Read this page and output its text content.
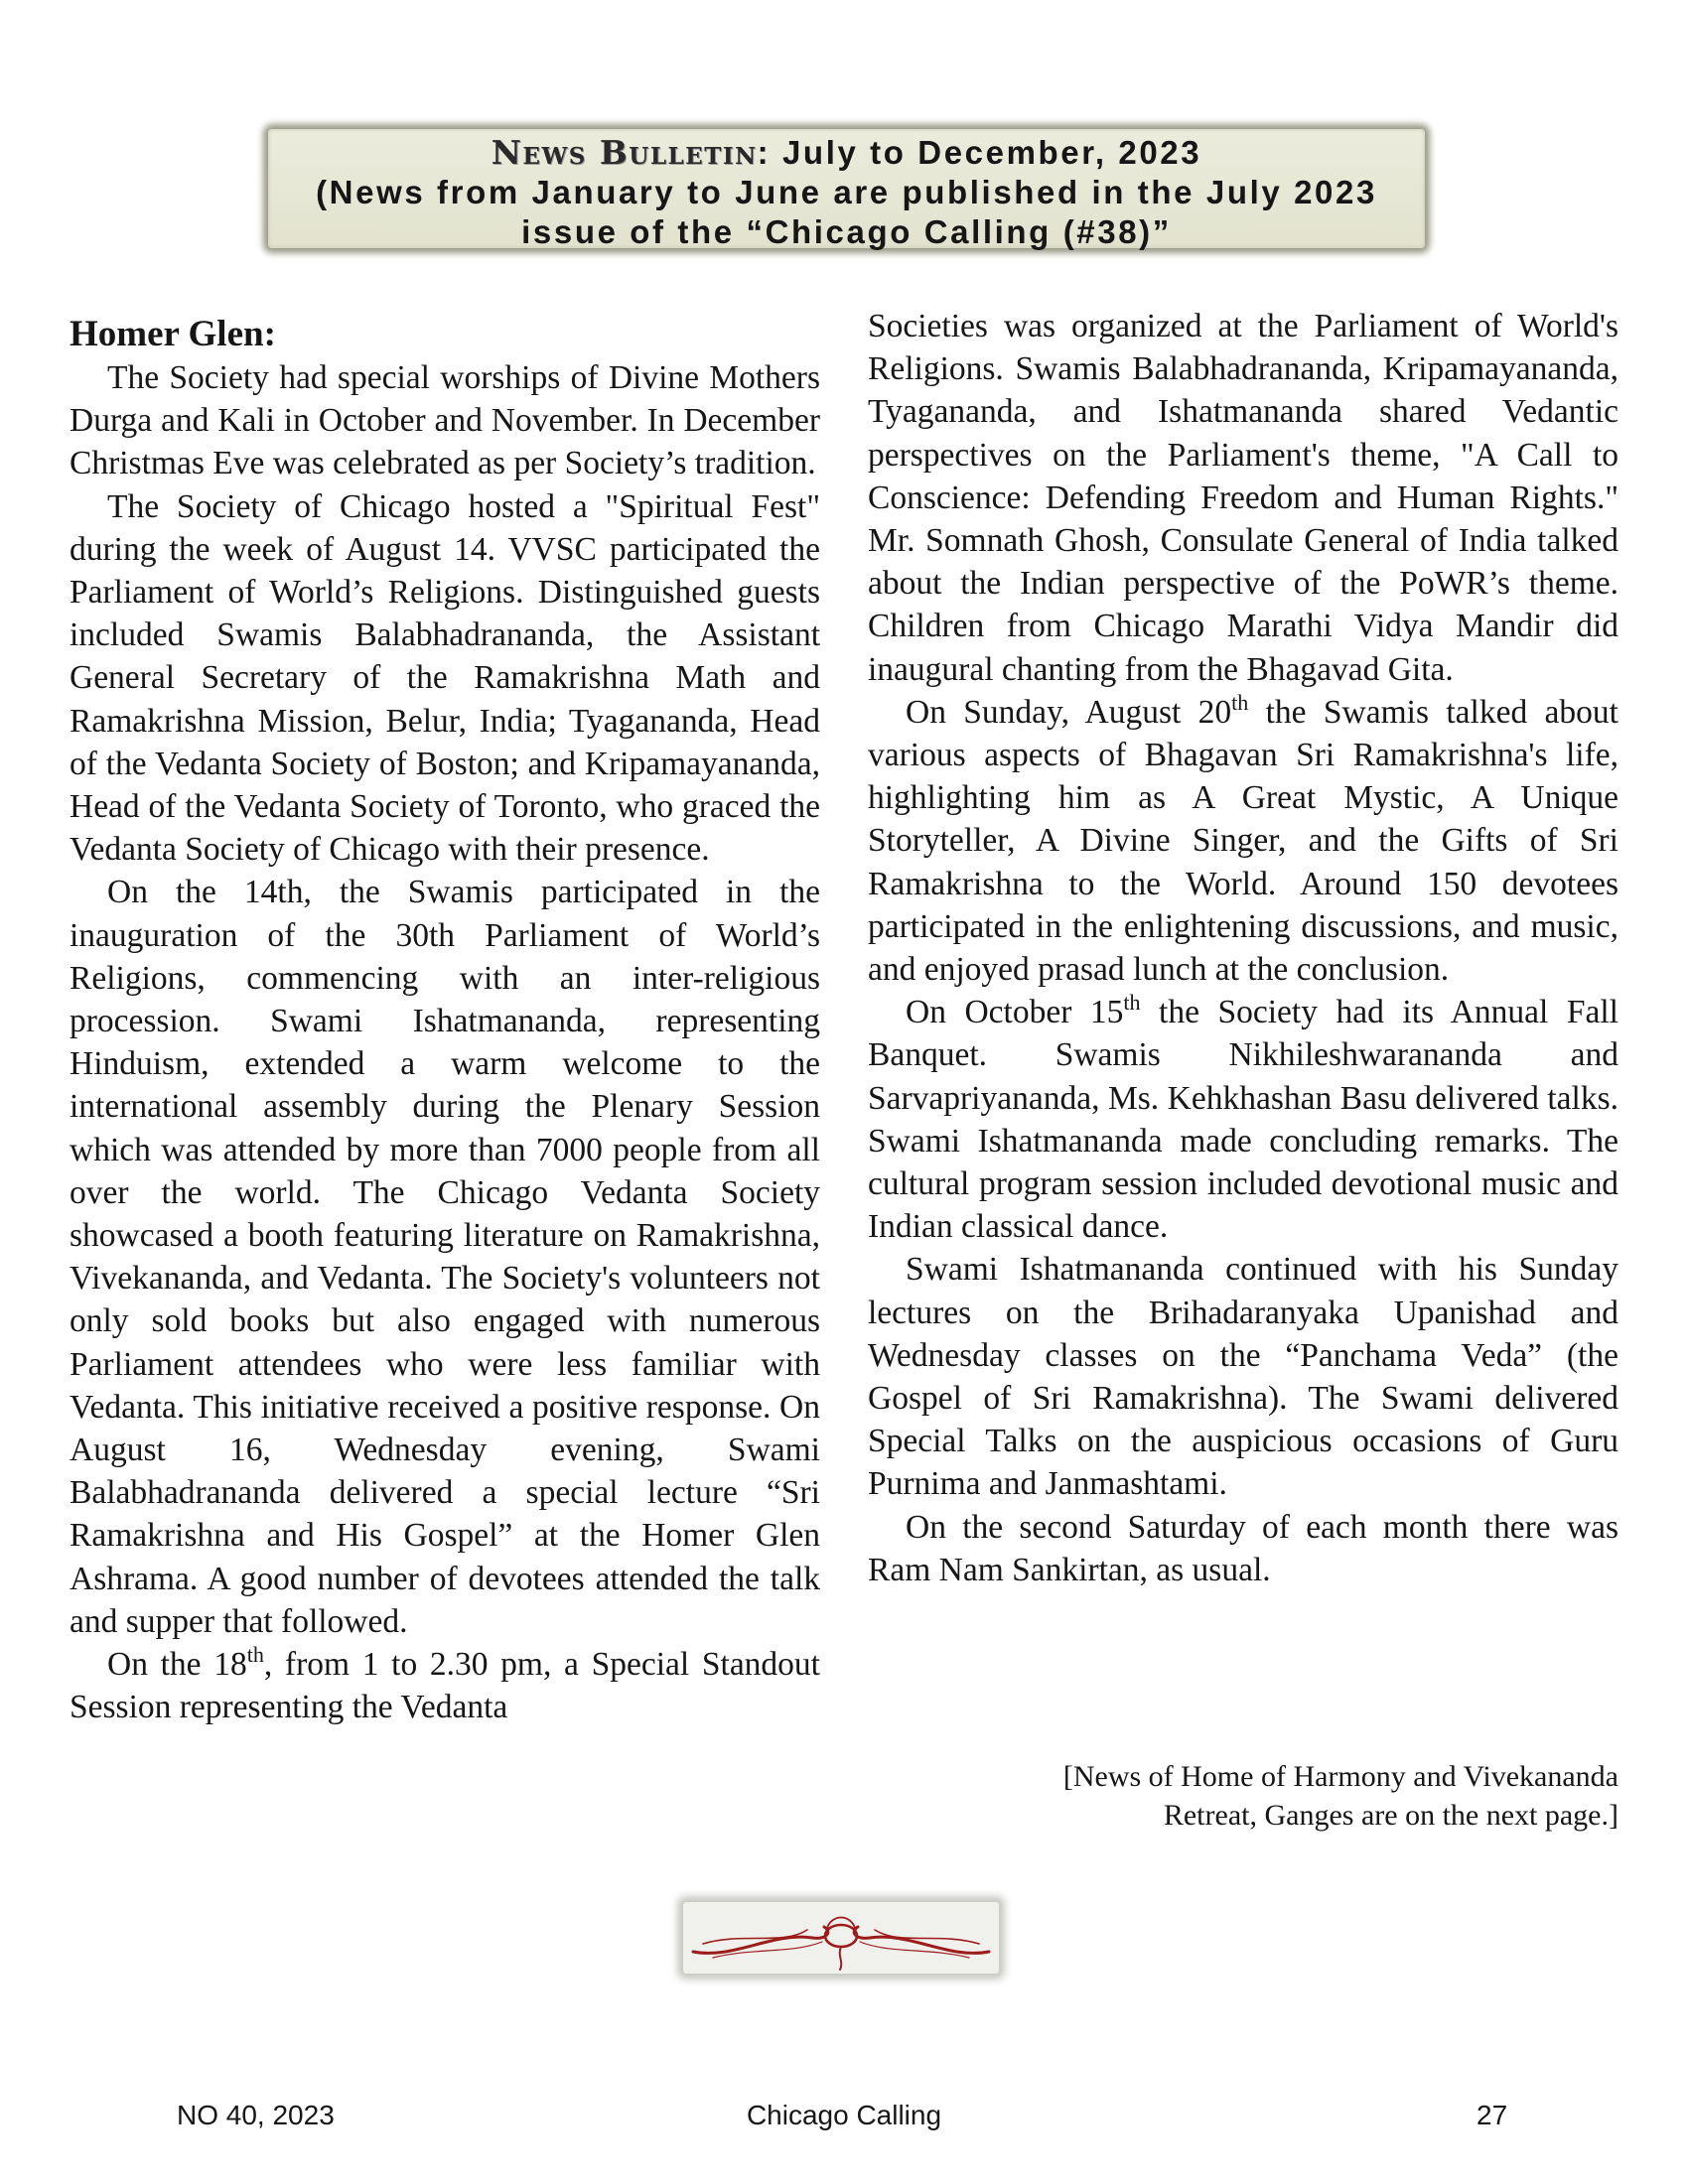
News Bulletin: July to December, 2023
(News from January to June are published in the July 2023
issue of the “Chicago Calling (#38)”
Homer Glen:

The Society had special worships of Divine Mothers Durga and Kali in October and November. In December Christmas Eve was celebrated as per Society’s tradition.

The Society of Chicago hosted a "Spiritual Fest" during the week of August 14. VVSC participated the Parliament of World’s Religions. Distinguished guests included Swamis Balabhadrananda, the Assistant General Secretary of the Ramakrishna Math and Ramakrishna Mission, Belur, India; Tyagananda, Head of the Vedanta Society of Boston; and Kripamayananda, Head of the Vedanta Society of Toronto, who graced the Vedanta Society of Chicago with their presence.

On the 14th, the Swamis participated in the inauguration of the 30th Parliament of World’s Religions, commencing with an inter-religious procession. Swami Ishatmananda, representing Hinduism, extended a warm welcome to the international assembly during the Plenary Session which was attended by more than 7000 people from all over the world. The Chicago Vedanta Society showcased a booth featuring literature on Ramakrishna, Vivekananda, and Vedanta. The Society's volunteers not only sold books but also engaged with numerous Parliament attendees who were less familiar with Vedanta. This initiative received a positive response. On August 16, Wednesday evening, Swami Balabhadrananda delivered a special lecture “Sri Ramakrishna and His Gospel” at the Homer Glen Ashrama. A good number of devotees attended the talk and supper that followed.

On the 18th, from 1 to 2.30 pm, a Special Standout Session representing the Vedanta

Societies was organized at the Parliament of World's Religions. Swamis Balabhadrananda, Kripamayananda, Tyagananda, and Ishatmananda shared Vedantic perspectives on the Parliament's theme, "A Call to Conscience: Defending Freedom and Human Rights." Mr. Somnath Ghosh, Consulate General of India talked about the Indian perspective of the PoWR’s theme. Children from Chicago Marathi Vidya Mandir did inaugural chanting from the Bhagavad Gita.

On Sunday, August 20th the Swamis talked about various aspects of Bhagavan Sri Ramakrishna's life, highlighting him as A Great Mystic, A Unique Storyteller, A Divine Singer, and the Gifts of Sri Ramakrishna to the World. Around 150 devotees participated in the enlightening discussions, and music, and enjoyed prasad lunch at the conclusion.

On October 15th the Society had its Annual Fall Banquet. Swamis Nikhileshwarananda and Sarvapriyananda, Ms. Kehkhashan Basu delivered talks. Swami Ishatmananda made concluding remarks. The cultural program session included devotional music and Indian classical dance.

Swami Ishatmananda continued with his Sunday lectures on the Brihadaranyaka Upanishad and Wednesday classes on the “Panchama Veda” (the Gospel of Sri Ramakrishna). The Swami delivered Special Talks on the auspicious occasions of Guru Purnima and Janmashtami.

On the second Saturday of each month there was Ram Nam Sankirtan, as usual.

[News of Home of Harmony and Vivekananda
Retreat, Ganges are on the next page.]
NO 40, 2023	Chicago Calling	27
